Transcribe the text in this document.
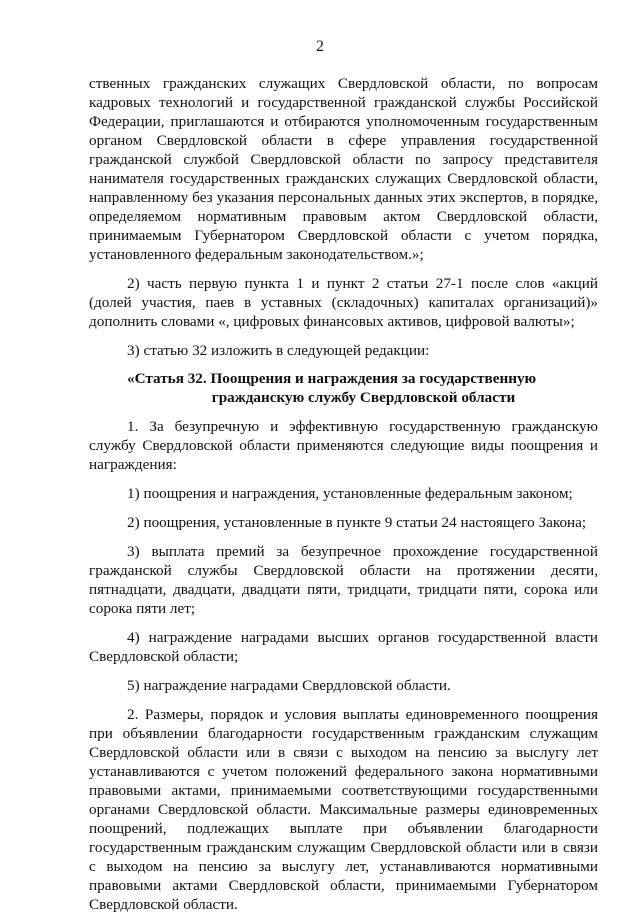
2

ственных гражданских служащих Свердловской области, по вопросам кадровых технологий и государственной гражданской службы Российской Федерации, приглашаются и отбираются уполномоченным государственным органом Свердловской области в сфере управления государственной гражданской службой Свердловской области по запросу представителя нанимателя государственных гражданских служащих Свердловской области, направленному без указания персональных данных этих экспертов, в порядке, определяемом нормативным правовым актом Свердловской области, принимаемым Губернатором Свердловской области с учетом порядка, установленного федеральным законодательством.»;

2) часть первую пункта 1 и пункт 2 статьи 27-1 после слов «акций (долей участия, паев в уставных (складочных) капиталах организаций)» дополнить словами «, цифровых финансовых активов, цифровой валюты»;

3) статью 32 изложить в следующей редакции:

«Статья 32. Поощрения и награждения за государственную
гражданскую службу Свердловской области

1. За безупречную и эффективную государственную гражданскую службу Свердловской области применяются следующие виды поощрения и награждения:

1) поощрения и награждения, установленные федеральным законом;

2) поощрения, установленные в пункте 9 статьи 24 настоящего Закона;

3) выплата премий за безупречное прохождение государственной гражданской службы Свердловской области на протяжении десяти, пятнадцати, двадцати, двадцати пяти, тридцати, тридцати пяти, сорока или сорока пяти лет;

4) награждение наградами высших органов государственной власти Свердловской области;

5) награждение наградами Свердловской области.

2. Размеры, порядок и условия выплаты единовременного поощрения при объявлении благодарности государственным гражданским служащим Свердловской области или в связи с выходом на пенсию за выслугу лет устанавливаются с учетом положений федерального закона нормативными правовыми актами, принимаемыми соответствующими государственными органами Свердловской области. Максимальные размеры единовременных поощрений, подлежащих выплате при объявлении благодарности государственным гражданским служащим Свердловской области или в связи с выходом на пенсию за выслугу лет, устанавливаются нормативными правовыми актами Свердловской области, принимаемыми Губернатором Свердловской области.
